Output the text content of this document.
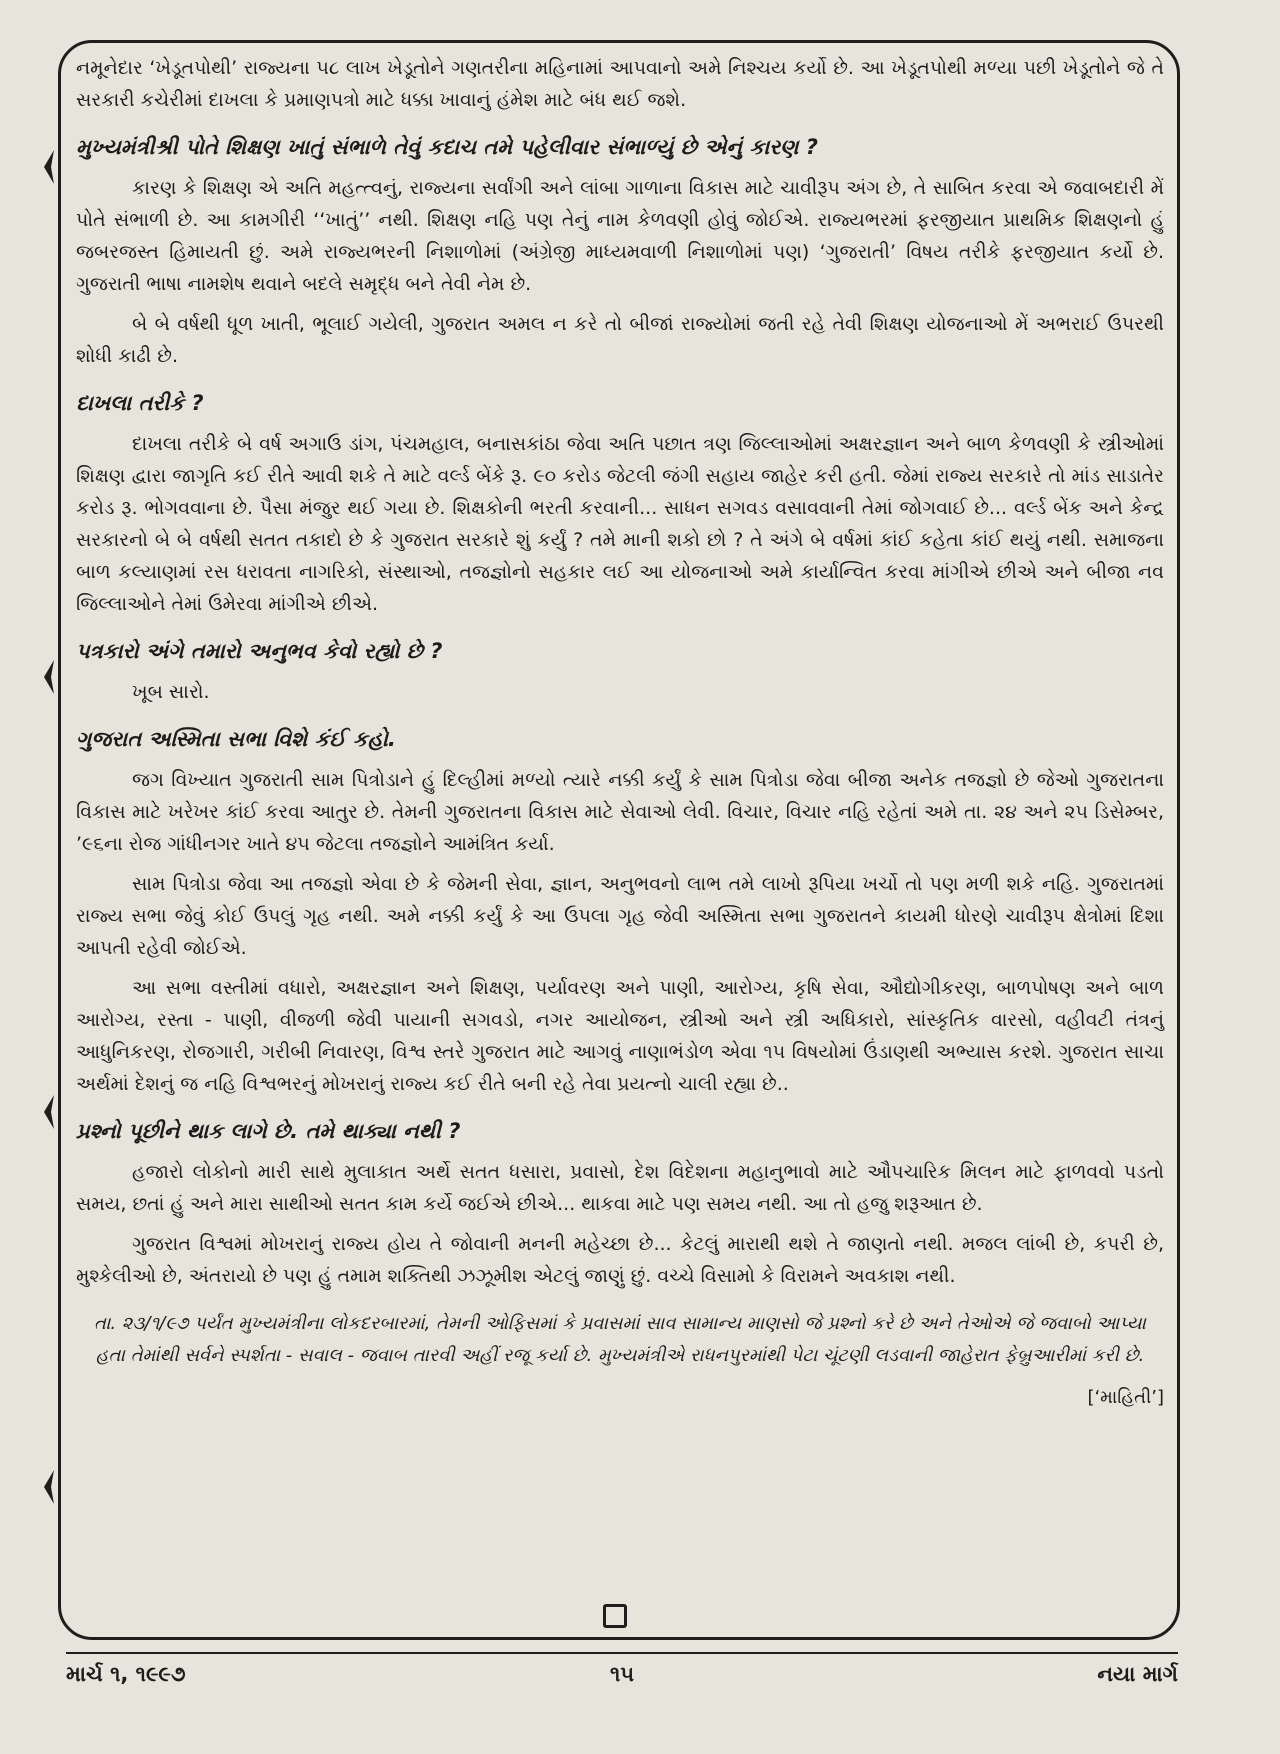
નમૂનેદાર ‘ખેડૂતપોથી’ રાજ્યના ૫૮ લાખ ખેડૂતોને ગણતરીના મહિનામાં આપવાનો અમે નિશ્ચય કર્યો છે. આ ખેડૂતપોથી મળ્યા પછી ખેડૂતોને જે તે સરકારી કચેરીમાં દાખલા કે પ્રમાણપત્રો માટે ધક્કા ખાવાનું હંમેશ માટે બંધ થઈ જશે.

મુખ્યમંત્રીશ્રી પોતે શિક્ષણ ખાતું સંભાળે તેવું કદાચ તમે પહેલીવાર સંભાળ્યું છે એનું કારણ ?

કારણ કે શિક્ષણ એ અતિ મહત્ત્વનું, રાજ્યના સર્વાંગી અને લાંબા ગાળાના વિકાસ માટે ચાવીરૂપ અંગ છે, તે સાબિત કરવા એ જવાબદારી મેં પોતે સંભાળી છે. આ કામગીરી ‘‘ખાતું’’ નથી. શિક્ષણ નહિ પણ તેનું નામ કેળવણી હોવું જોઈએ. રાજ્યભરમાં ફરજીયાત પ્રાથમિક શિક્ષણનો હું જબરજસ્ત હિમાયતી છું. અમે રાજ્યભરની નિશાળોમાં (અંગ્રેજી માધ્યમવાળી નિશાળોમાં પણ) ‘ગુજરાતી’ વિષય તરીકે ફરજીયાત કર્યો છે. ગુજરાતી ભાષા નામશેષ થવાને બદલે સમૃદ્ધ બને તેવી નેમ છે.

બે બે વર્ષથી ધૂળ ખાતી, ભૂલાઈ ગયેલી, ગુજરાત અમલ ન કરે તો બીજાં રાજ્યોમાં જતી રહે તેવી શિક્ષણ યોજનાઓ મેં અભરાઈ ઉપરથી શોધી કાઢી છે.

દાખલા તરીકે ?

દાખલા તરીકે બે વર્ષ અગાઉ ડાંગ, પંચમહાલ, બનાસકાંઠા જેવા અતિ પછાત ત્રણ જિલ્લાઓમાં અક્ષરજ્ઞાન અને બાળ કેળવણી કે સ્ત્રીઓમાં શિક્ષણ દ્વારા જાગૃતિ કઈ રીતે આવી શકે તે માટે વર્લ્ડ બેંકે રૂ. ૯૦ કરોડ જેટલી જંગી સહાય જાહેર કરી હતી. જેમાં રાજ્ય સરકારે તો માંડ સાડાતેર કરોડ રૂ. ભોગવવાના છે. પૈસા મંજુર થઈ ગયા છે. શિક્ષકોની ભરતી કરવાની... સાધન સગવડ વસાવવાની તેમાં જોગવાઈ છે... વર્લ્ડ બેંક અને કેન્દ્ર સરકારનો બે બે વર્ષથી સતત તકાદો છે કે ગુજરાત સરકારે શું કર્યું ? તમે માની શકો છો ? તે અંગે બે વર્ષમાં કાંઈ કહેતા કાંઈ થયું નથી. સમાજના બાળ કલ્યાણમાં રસ ધરાવતા નાગરિકો, સંસ્થાઓ, તજજ્ઞોનો સહકાર લઈ આ યોજનાઓ અમે કાર્યાન્વિત કરવા માંગીએ છીએ અને બીજા નવ જિલ્લાઓને તેમાં ઉમેરવા માંગીએ છીએ.

પત્રકારો અંગે તમારો અનુભવ કેવો રહ્યો છે ?

ખૂબ સારો.

ગુજરાત અસ્મિતા સભા વિશે કંઈ કહો.

જગ વિખ્યાત ગુજરાતી સામ પિત્રોડાને હું દિલ્હીમાં મળ્યો ત્યારે નક્કી કર્યું કે સામ પિત્રોડા જેવા બીજા અનેક તજજ્ઞો છે જેઓ ગુજરાતના વિકાસ માટે ખરેખર કાંઈ કરવા આતુર છે. તેમની ગુજરાતના વિકાસ માટે સેવાઓ લેવી. વિચાર, વિચાર નહિ રહેતાં અમે તા. ૨૪ અને ૨૫ ડિસેમ્બર, ’૯૬ના રોજ ગાંધીનગર ખાતે ૪૫ જેટલા તજજ્ઞોને આમંત્રિત કર્યા.

સામ પિત્રોડા જેવા આ તજજ્ઞો એવા છે કે જેમની સેવા, જ્ઞાન, અનુભવનો લાભ તમે લાખો રૂપિયા ખર્ચો તો પણ મળી શકે નહિ. ગુજરાતમાં રાજ્ય સભા જેવું કોઈ ઉપલું ગૃહ નથી. અમે નક્કી કર્યું કે આ ઉપલા ગૃહ જેવી અસ્મિતા સભા ગુજરાતને કાયમી ધોરણે ચાવીરૂપ ક્ષેત્રોમાં દિશા આપતી રહેવી જોઈએ.

આ સભા વસ્તીમાં વધારો, અક્ષરજ્ઞાન અને શિક્ષણ, પર્યાવરણ અને પાણી, આરોગ્ય, કૃષિ સેવા, ઔદ્યોગીકરણ, બાળપોષણ અને બાળ આરોગ્ય, રસ્તા - પાણી, વીજળી જેવી પાયાની સગવડો, નગર આયોજન, સ્ત્રીઓ અને સ્ત્રી અધિકારો, સાંસ્કૃતિક વારસો, વહીવટી તંત્રનું આધુનિકરણ, રોજગારી, ગરીબી નિવારણ, વિશ્વ સ્તરે ગુજરાત માટે આગવું નાણાભંડોળ એવા ૧૫ વિષયોમાં ઉંડાણથી અભ્યાસ કરશે. ગુજરાત સાચા અર્થમાં દેશનું જ નહિ વિશ્વભરનું મોખરાનું રાજ્ય કઈ રીતે બની રહે તેવા પ્રયત્નો ચાલી રહ્યા છે..

પ્રશ્નો પૂછીને થાક લાગે છે. તમે થાક્યા નથી ?

હજારો લોકોનો મારી સાથે મુલાકાત અર્થે સતત ધસારા, પ્રવાસો, દેશ વિદેશના મહાનુભાવો માટે ઔપચારિક મિલન માટે ફાળવવો પડતો સમય, છતાં હું અને મારા સાથીઓ સતત કામ કર્યે જઈએ છીએ... થાકવા માટે પણ સમય નથી. આ તો હજુ શરૂઆત છે.

ગુજરાત વિશ્વમાં મોખરાનું રાજ્ય હોય તે જોવાની મનની મહેચ્છા છે... કેટલું મારાથી થશે તે જાણતો નથી. મજલ લાંબી છે, કપરી છે, મુશ્કેલીઓ છે, અંતરાયો છે પણ હું તમામ શક્તિથી ઝઝૂમીશ એટલું જાણું છું. વચ્ચે વિસામો કે વિરામને અવકાશ નથી.

તા. ૨૩/૧/૯૭ પર્યંત મુખ્યમંત્રીના લોકદરબારમાં, તેમની ઓફિસમાં કે પ્રવાસમાં સાવ સામાન્ય માણસો જે પ્રશ્નો કરે છે અને તેઓએ જે જવાબો આપ્યા હતા તેમાંથી સર્વને સ્પર્શતા - સવાલ - જવાબ તારવી અહીં રજૂ કર્યા છે. મુખ્યમંત્રીએ રાધનપુરમાંથી પેટા ચૂંટણી લડવાની જાહેરાત ફેબ્રુઆરીમાં કરી છે.

[‘માહિતી’]

માર્ચ ૧, ૧૯૯૭	૧૫	નયા માર્ગ
